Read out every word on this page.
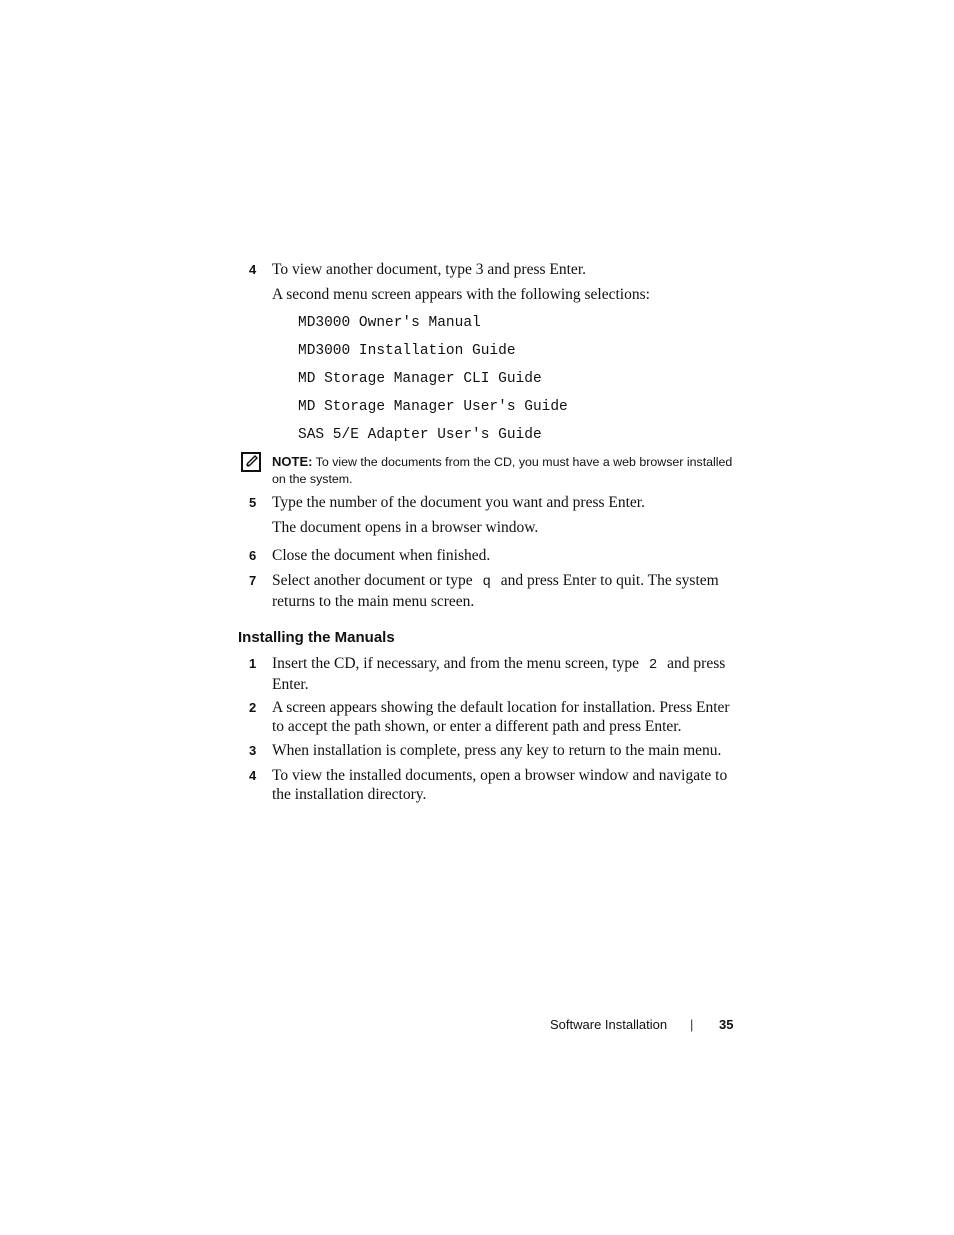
4 To view another document, type 3 and press Enter.
A second menu screen appears with the following selections:
MD3000 Owner's Manual
MD3000 Installation Guide
MD Storage Manager CLI Guide
MD Storage Manager User's Guide
SAS 5/E Adapter User's Guide
NOTE: To view the documents from the CD, you must have a web browser installed on the system.
5 Type the number of the document you want and press Enter.
The document opens in a browser window.
6 Close the document when finished.
7 Select another document or type q and press Enter to quit. The system returns to the main menu screen.
Installing the Manuals
1 Insert the CD, if necessary, and from the menu screen, type 2 and press Enter.
2 A screen appears showing the default location for installation. Press Enter to accept the path shown, or enter a different path and press Enter.
3 When installation is complete, press any key to return to the main menu.
4 To view the installed documents, open a browser window and navigate to the installation directory.
Software Installation | 35
